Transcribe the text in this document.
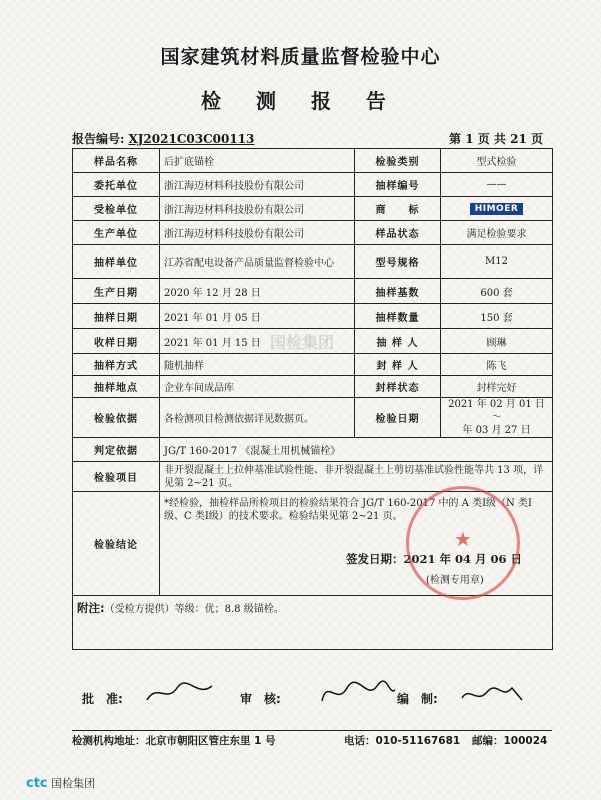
国家建筑材料质量监督检验中心
检 测 报 告
报告编号: XJ2021C03C00113	第 1 页 共 21 页
国检集团
样品名称	后扩底锚栓	检验类别	型式检验
委托单位	浙江海迈材料科技股份有限公司	抽样编号	——
受检单位	浙江海迈材料科技股份有限公司	商　　标	HIMOER
生产单位	浙江海迈材料科技股份有限公司	样品状态	满足检验要求
抽样单位	江苏省配电设备产品质量监督检验中心	型号规格	M12
生产日期	2020 年 12 月 28 日	抽样基数	600 套
抽样日期	2021 年 01 月 05 日	抽样数量	150 套
收样日期	2021 年 01 月 15 日	抽 样 人	顾琳
抽样方式	随机抽样	封 样 人	陈飞
抽样地点	企业车间成品库	封样状态	封样完好
检验依据	各检测项目检测依据详见数据页。	检验日期	2021 年 02 月 01 日～
年 03 月 27 日

判定依据	JG/T 160-2017 《混凝土用机械锚栓》		
检验项目	非开裂混凝土上拉伸基准试验性能、非开裂混凝土上剪切基准试验性能等共 13 项，详见第 2~21 页。		
检验结论	*经检验，抽检样品所检项目的检验结果符合 JG/T 160-2017 中的 A 类Ⅰ级（N 类Ⅰ级、C 类Ⅰ级）的技术要求。检验结果见第 2~21 页。
签发日期：2021 年 04 月 06 日
(检测专用章)		

附注:（受检方提供）等级：优；8.8 级锚栓。			
★
批　准:	审　核:	编　制:
检测机构地址：北京市朝阳区管庄东里 1 号	电话：010-51167681 邮编：100024
ctc 国检集团
